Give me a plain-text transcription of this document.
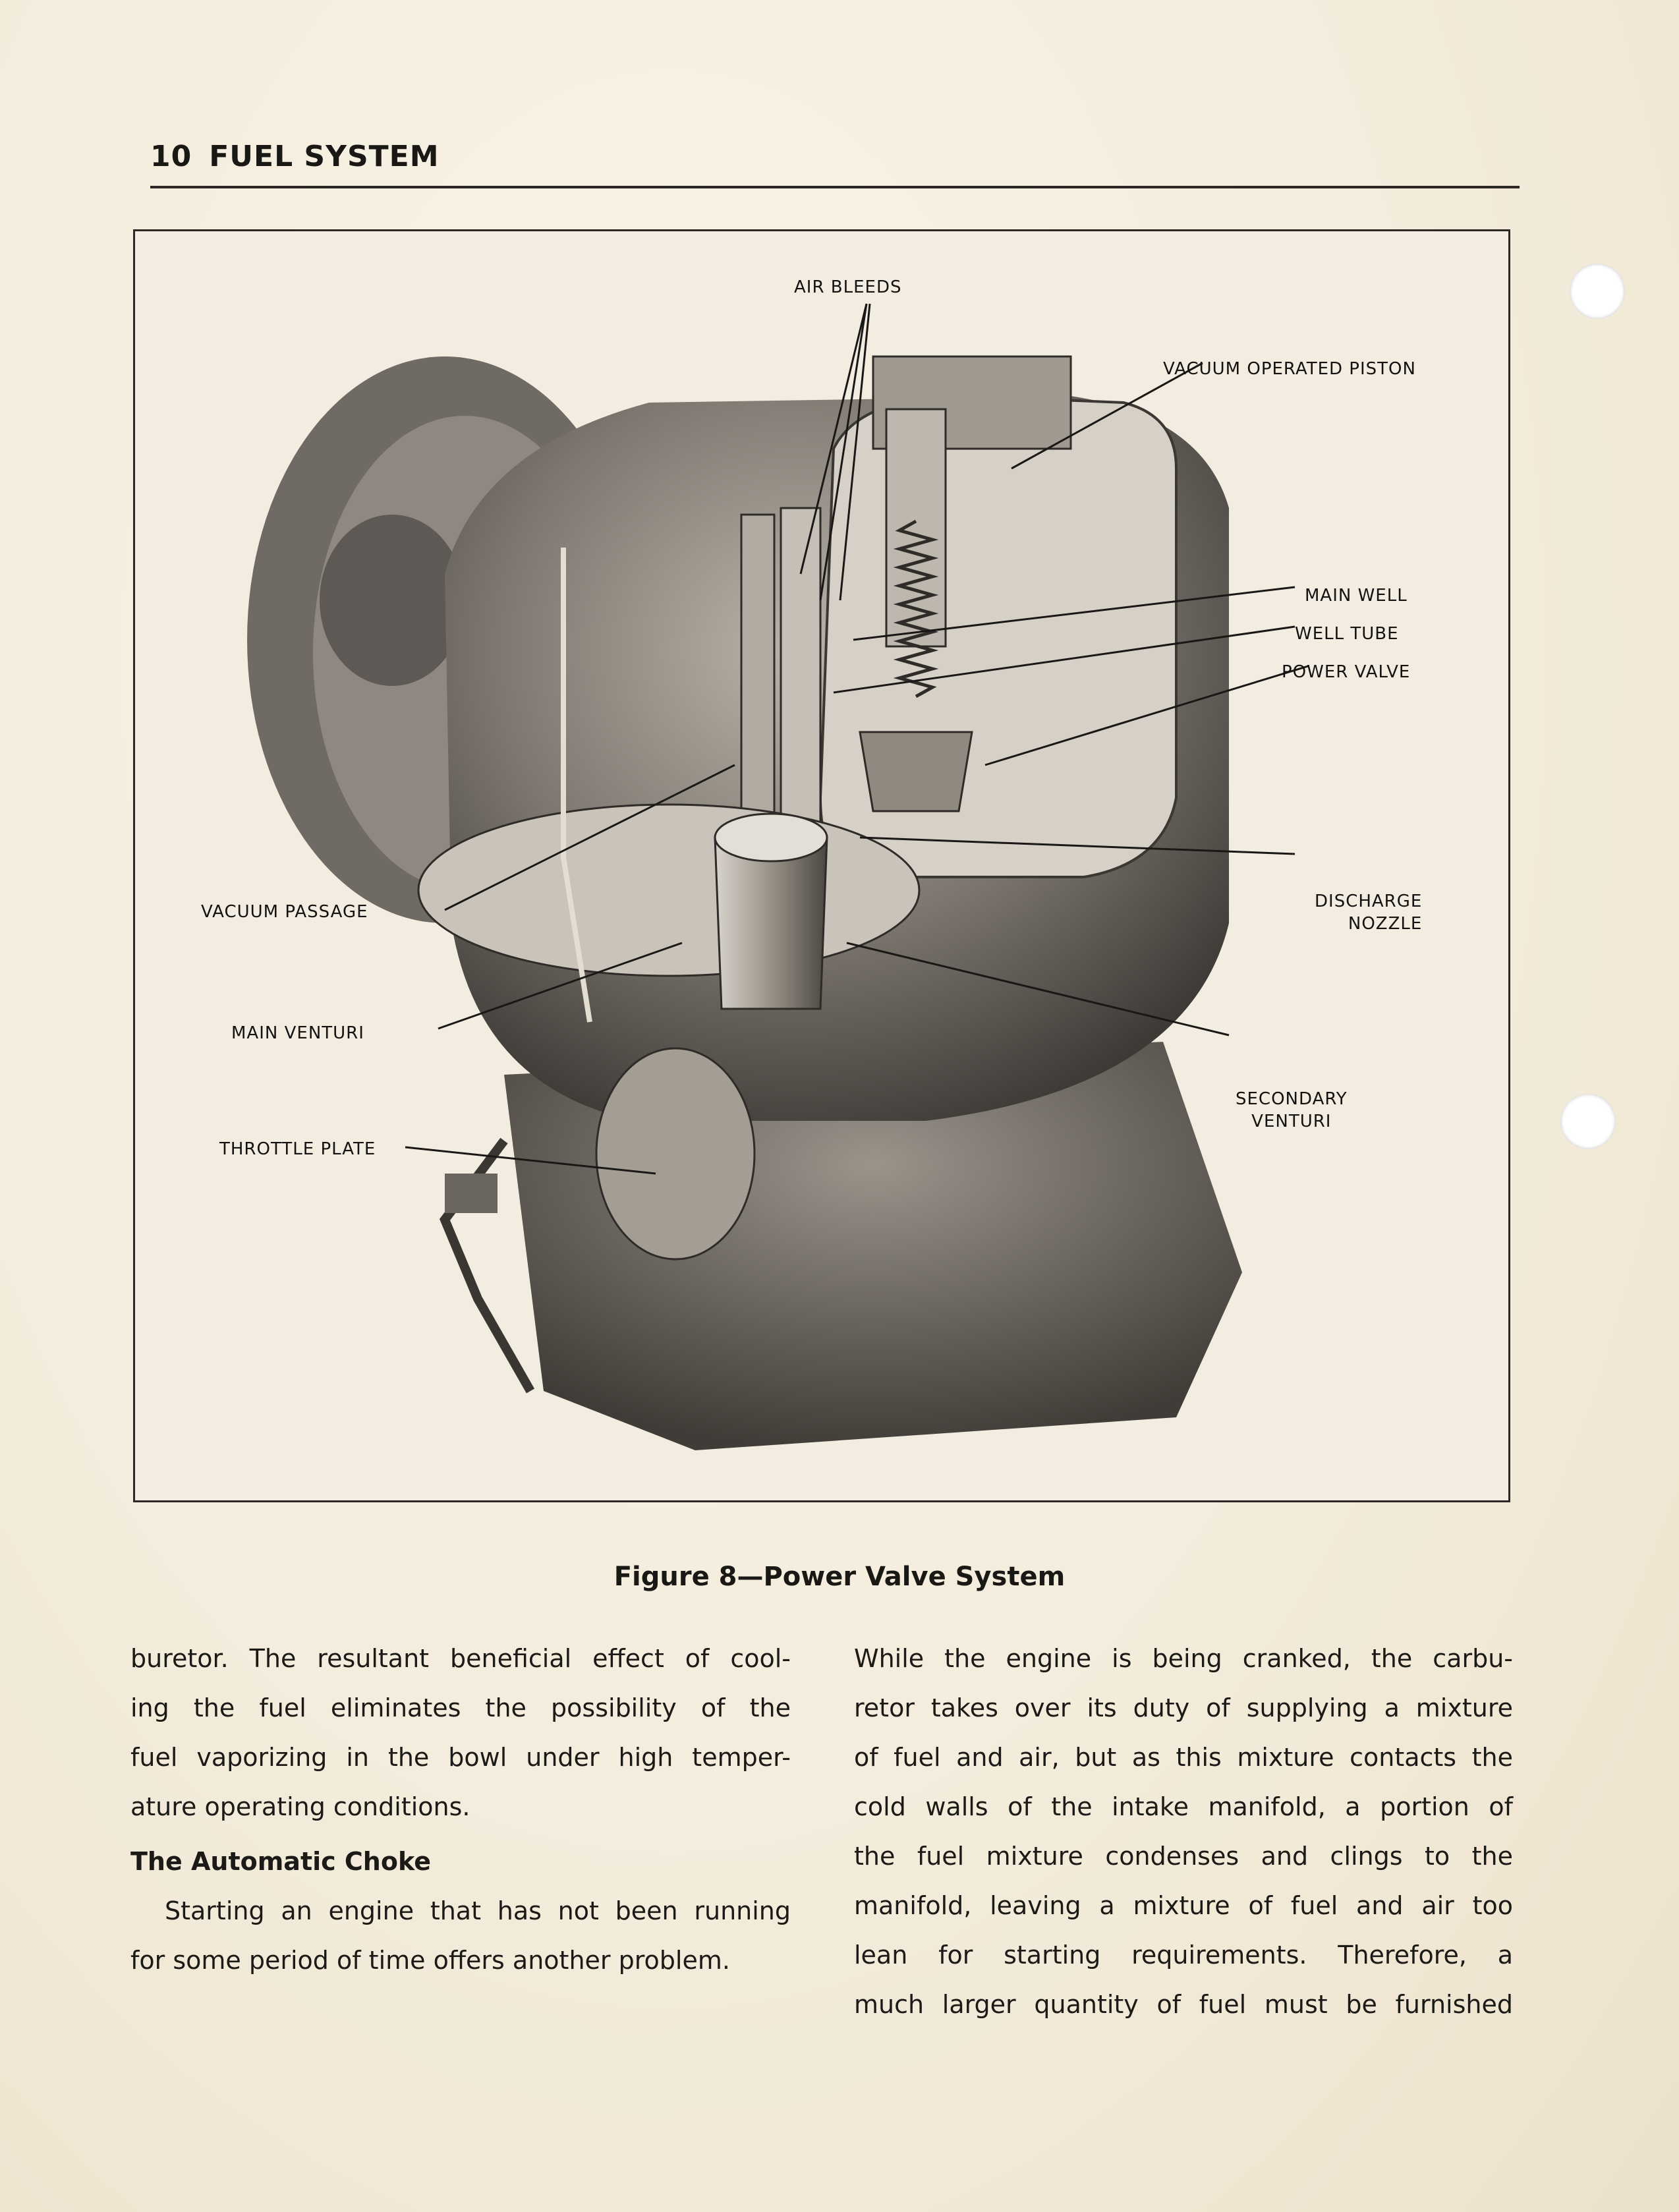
10 FUEL SYSTEM
AIR BLEEDS
VACUUM OPERATED PISTON
MAIN WELL
WELL TUBE
POWER VALVE
DISCHARGE
NOZZLE
VACUUM PASSAGE
MAIN VENTURI
SECONDARY
VENTURI
THROTTLE PLATE
Figure 8—Power Valve System

buretor. The resultant beneficial effect of cool-

ing the fuel eliminates the possibility of the

fuel vaporizing in the bowl under high temper-

ature operating conditions.

The Automatic Choke

Starting an engine that has not been running

for some period of time offers another problem.

While the engine is being cranked, the carbu-

retor takes over its duty of supplying a mixture

of fuel and air, but as this mixture contacts the

cold walls of the intake manifold, a portion of

the fuel mixture condenses and clings to the

manifold, leaving a mixture of fuel and air too

lean for starting requirements. Therefore, a

much larger quantity of fuel must be furnished
